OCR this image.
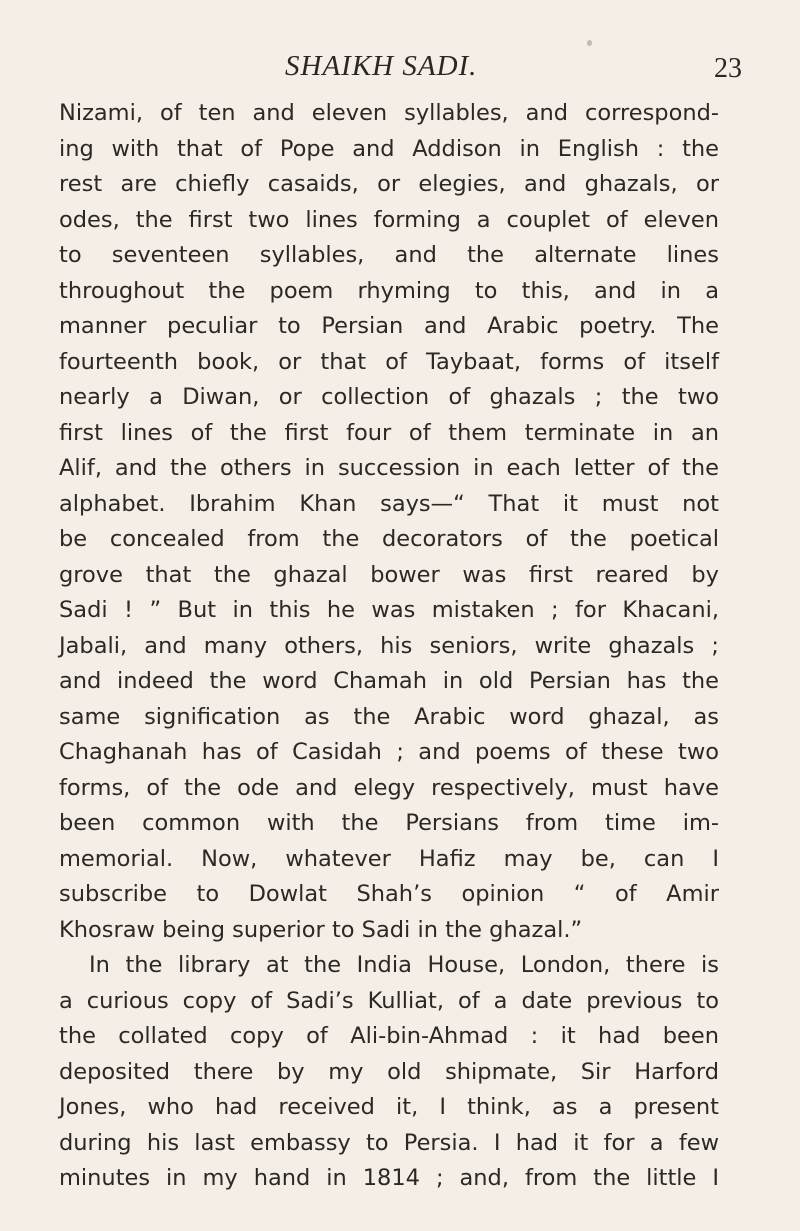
SHAIKH SADI.	23
Nizami, of ten and eleven syllables, and correspond-
ing with that of Pope and Addison in English : the
rest are chiefly casaids, or elegies, and ghazals, or
odes, the first two lines forming a couplet of eleven
to seventeen syllables, and the alternate lines
throughout the poem rhyming to this, and in a
manner peculiar to Persian and Arabic poetry. The
fourteenth book, or that of Taybaat, forms of itself
nearly a Diwan, or collection of ghazals ; the two
first lines of the first four of them terminate in an
Alif, and the others in succession in each letter of the
alphabet. Ibrahim Khan says—“ That it must not
be concealed from the decorators of the poetical
grove that the ghazal bower was first reared by
Sadi ! ” But in this he was mistaken ; for Khacani,
Jabali, and many others, his seniors, write ghazals ;
and indeed the word Chamah in old Persian has the
same signification as the Arabic word ghazal, as
Chaghanah has of Casidah ; and poems of these two
forms, of the ode and elegy respectively, must have
been common with the Persians from time im-
memorial. Now, whatever Hafiz may be, can I
subscribe to Dowlat Shah’s opinion “ of Amir
Khosraw being superior to Sadi in the ghazal.”
In the library at the India House, London, there is
a curious copy of Sadi’s Kulliat, of a date previous to
the collated copy of Ali-bin-Ahmad : it had been
deposited there by my old shipmate, Sir Harford
Jones, who had received it, I think, as a present
during his last embassy to Persia. I had it for a few
minutes in my hand in 1814 ; and, from the little I
